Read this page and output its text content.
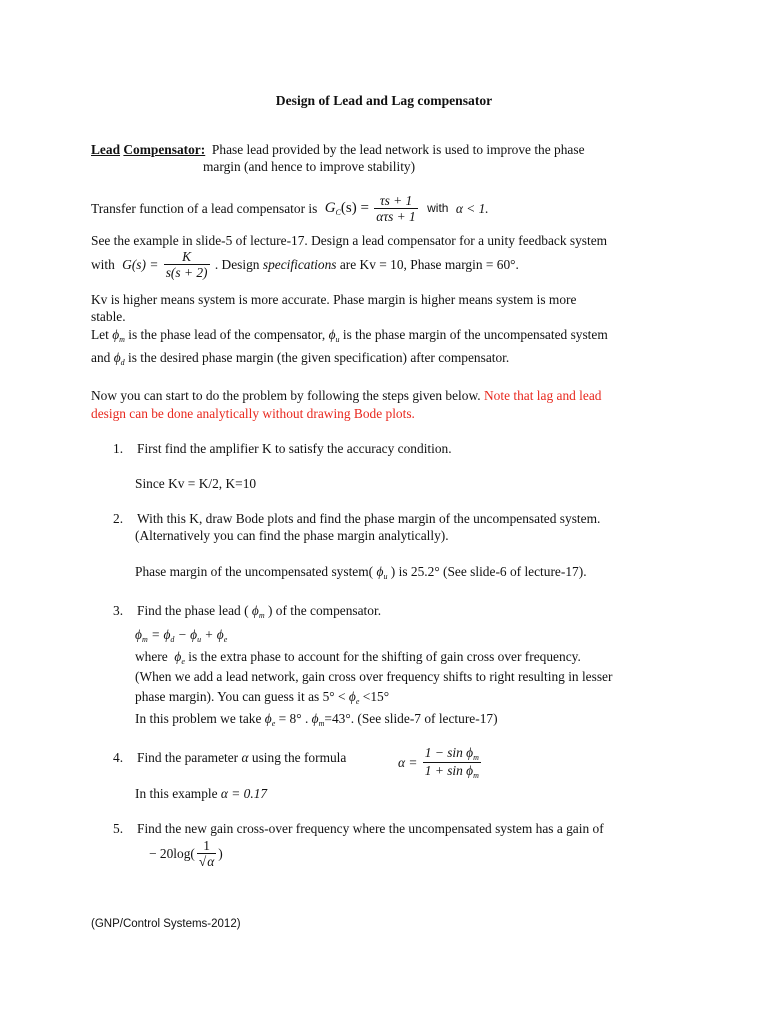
Design of Lead and Lag compensator
Lead Compensator: Phase lead provided by the lead network is used to improve the phase
margin (and hence to improve stability)
Transfer function of a lead compensator is $G_C(s) = \frac{\tau s + 1}{\text{ατs + 1}}$ with α < 1.
See the example in slide-5 of lecture-17. Design a lead compensator for a unity feedback system
with $G(s) = \frac{K}{s(s + 2)}$ . Design specifications are Kv = 10, Phase margin = 60°.
Kv is higher means system is more accurate. Phase margin is higher means system is more
stable.
Let $\phi_m$ is the phase lead of the compensator, $\phi_u$ is the phase margin of the uncompensated system
and $\phi_d$ is the desired phase margin (the given specification) after compensator.
Now you can start to do the problem by following the steps given below. Note that lag and lead
design can be done analytically without drawing Bode plots.
1. First find the amplifier K to satisfy the accuracy condition.
Since Kv = K/2, K=10
2. With this K, draw Bode plots and find the phase margin of the uncompensated system.
(Alternatively you can find the phase margin analytically).
Phase margin of the uncompensated system( $\phi_u$ ) is 25.2° (See slide-6 of lecture-17).
3. Find the phase lead ( $\phi_m$ ) of the compensator.
$\phi_m = \phi_d - \phi_u + \phi_e$
where  $\phi_e$ is the extra phase to account for the shifting of gain cross over frequency.
(When we add a lead network, gain cross over frequency shifts to right resulting in lesser
phase margin). You can guess it as $5^\circ < \phi_e <15^\circ$
In this problem we take $\phi_e = 8^\circ$ . $\phi_m=43^\circ$. (See slide-7 of lecture-17)
4. Find the parameter α using the formula	$\alpha = \frac{1 - \sin \phi_m}{1 + \sin \phi_m}$
In this example α = 0.17
5. Find the new gain cross-over frequency where the uncompensated system has a gain of
− $20\log( \frac{1}{√\alpha}$ )
(GNP/Control Systems-2012)
